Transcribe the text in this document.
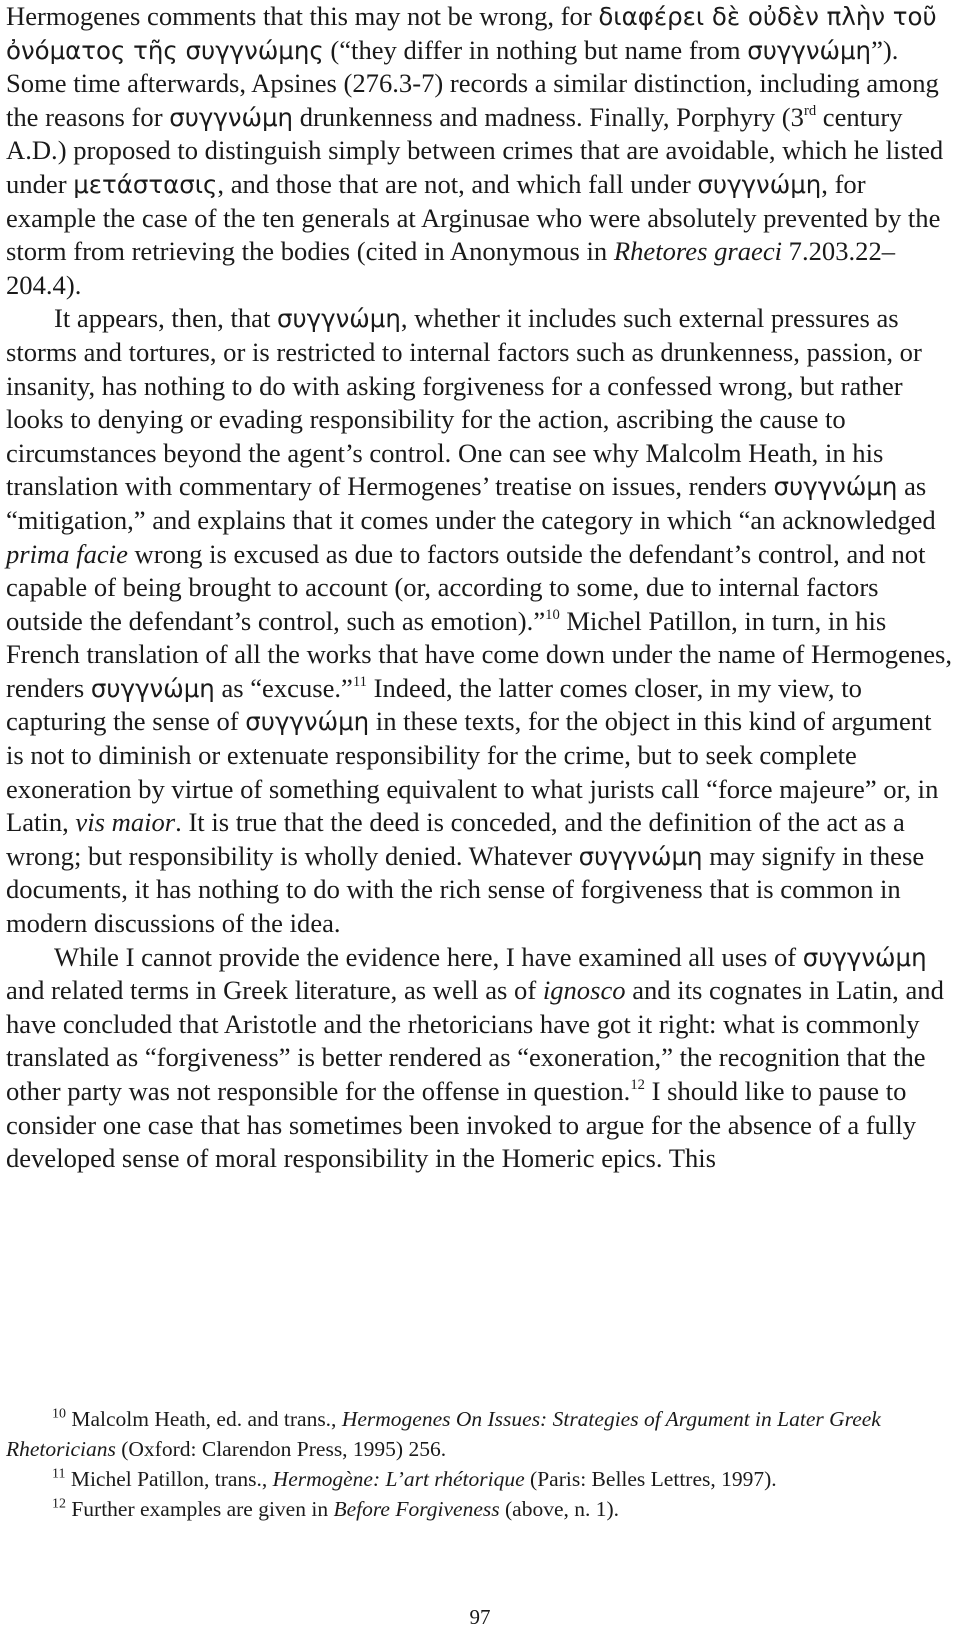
Hermogenes comments that this may not be wrong, for διαφέρει δὲ οὐδὲν πλὴν τοῦ ὀνόματος τῆς συγγνώμης (“they differ in nothing but name from συγγνώμη”). Some time afterwards, Apsines (276.3-7) records a similar distinction, including among the reasons for συγγνώμη drunkenness and madness. Finally, Porphyry (3rd century A.D.) proposed to distinguish simply between crimes that are avoidable, which he listed under μετάστασις, and those that are not, and which fall under συγγνώμη, for example the case of the ten generals at Arginusae who were absolutely prevented by the storm from retrieving the bodies (cited in Anonymous in Rhetores graeci 7.203.22–204.4).

It appears, then, that συγγνώμη, whether it includes such external pressures as storms and tortures, or is restricted to internal factors such as drunkenness, passion, or insanity, has nothing to do with asking forgiveness for a confessed wrong, but rather looks to denying or evading responsibility for the action, ascribing the cause to circumstances beyond the agent’s control. One can see why Malcolm Heath, in his translation with commentary of Hermogenes’ treatise on issues, renders συγγνώμη as “mitigation,” and explains that it comes under the category in which “an acknowledged prima facie wrong is excused as due to factors outside the defendant’s control, and not capable of being brought to account (or, according to some, due to internal factors outside the defendant’s control, such as emotion).”$^{10}$ Michel Patillon, in turn, in his French translation of all the works that have come down under the name of Hermogenes, renders συγγνώμη as “excuse.”$^{11}$ Indeed, the latter comes closer, in my view, to capturing the sense of συγγνώμη in these texts, for the object in this kind of argument is not to diminish or extenuate responsibility for the crime, but to seek complete exoneration by virtue of something equivalent to what jurists call “force majeure” or, in Latin, vis maior. It is true that the deed is conceded, and the definition of the act as a wrong; but responsibility is wholly denied. Whatever συγγνώμη may signify in these documents, it has nothing to do with the rich sense of forgiveness that is common in modern discussions of the idea.

While I cannot provide the evidence here, I have examined all uses of συγγνώμη and related terms in Greek literature, as well as of ignosco and its cognates in Latin, and have concluded that Aristotle and the rhetoricians have got it right: what is commonly translated as “forgiveness” is better rendered as “exoneration,” the recognition that the other party was not responsible for the offense in question.$^{12}$ I should like to pause to consider one case that has sometimes been invoked to argue for the absence of a fully developed sense of moral responsibility in the Homeric epics. This

$^{10}$ Malcolm Heath, ed. and trans., Hermogenes On Issues: Strategies of Argument in Later Greek Rhetoricians (Oxford: Clarendon Press, 1995) 256.

$^{11}$ Michel Patillon, trans., Hermogène: L’art rhétorique (Paris: Belles Lettres, 1997).

$^{12}$ Further examples are given in Before Forgiveness (above, n. 1).

97
